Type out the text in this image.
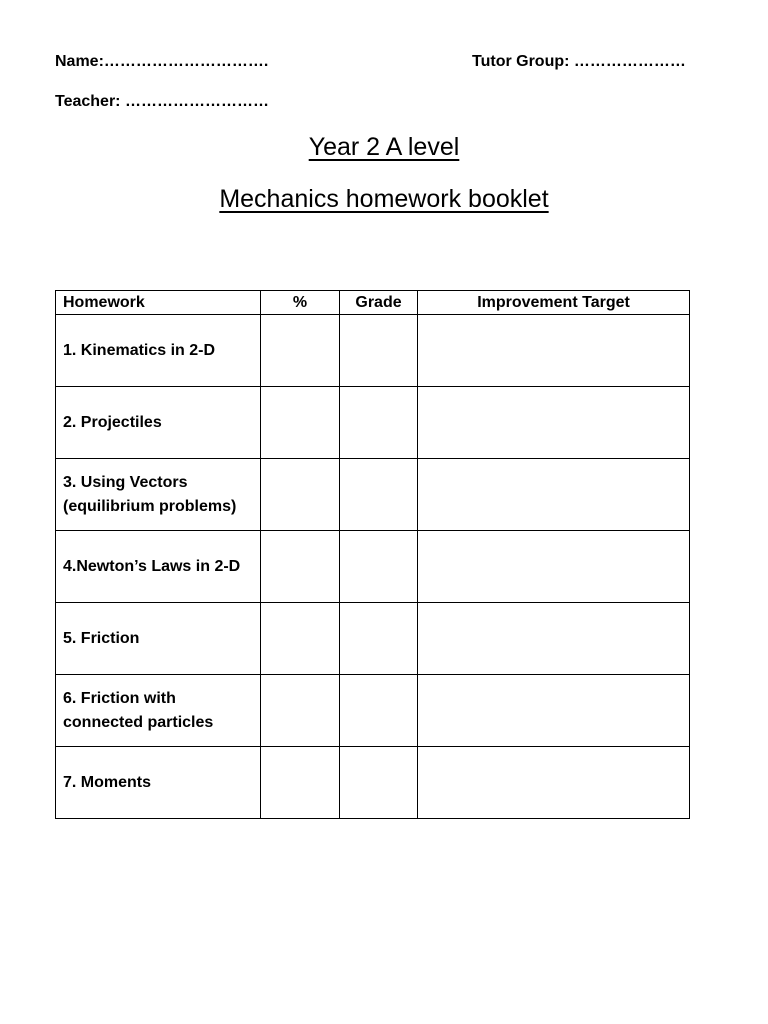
Name:………………………….	Tutor Group: …………………
Teacher: ………………………
Year 2 A level
Mechanics homework booklet
Homework	%	Grade	Improvement Target
1. Kinematics in 2-D			
2. Projectiles			
3. Using Vectors (equilibrium problems)			
4.Newton’s Laws in 2-D			
5. Friction			
6. Friction with connected particles			
7. Moments			
